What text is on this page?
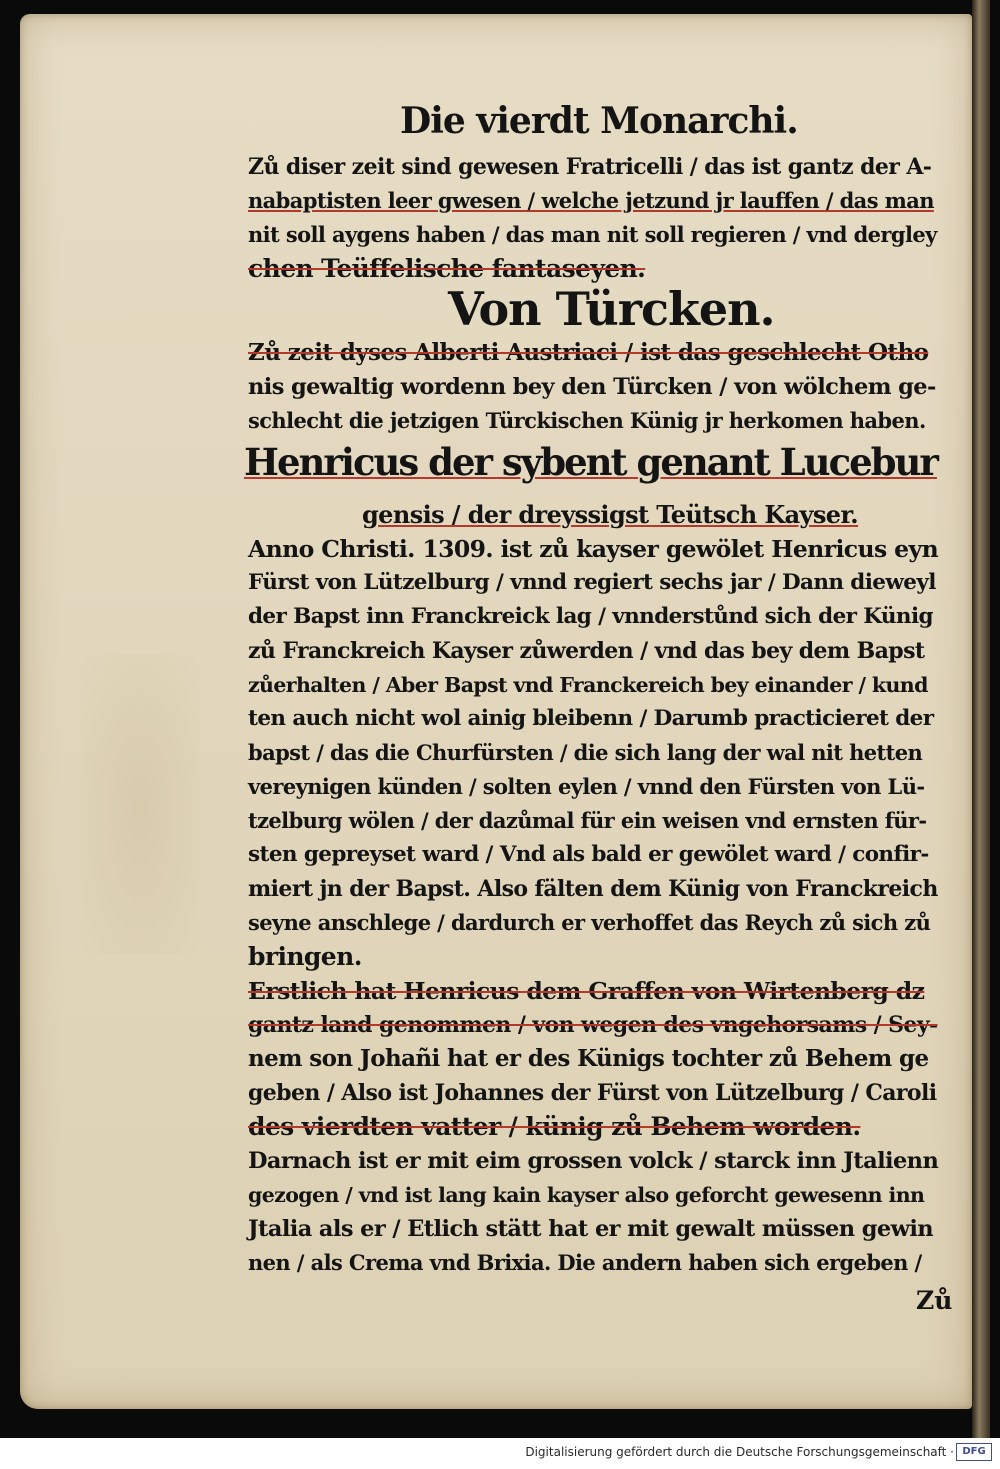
Die vierdt Monarchi.
Zů diser zeit sind gewesen Fratricelli / das ist gantz der A-
nabaptisten leer gwesen / welche jetzund jr lauffen / das man
nit soll aygens haben / das man nit soll regieren / vnd dergley
chen Teüffelische fantaseyen.
Von Türcken.
Zů zeit dyses Alberti Austriaci / ist das geschlecht Otho
nis gewaltig wordenn bey den Türcken / von wölchem ge-
schlecht die jetzigen Türckischen Künig jr herkomen haben.
Henricus der sybent genant Lucebur
gensis / der dreyssigst Teütsch Kayser.
Anno Christi. 1309. ist zů kayser gewölet Henricus eyn
Fürst von Lützelburg / vnnd regiert sechs jar / Dann dieweyl
der Bapst inn Franckreick lag / vnnderstůnd sich der Künig
zů Franckreich Kayser zůwerden / vnd das bey dem Bapst
zůerhalten / Aber Bapst vnd Franckereich bey einander / kund
ten auch nicht wol ainig bleibenn / Darumb practicieret der
bapst / das die Churfürsten / die sich lang der wal nit hetten
vereynigen künden / solten eylen / vnnd den Fürsten von Lü-
tzelburg wölen / der dazůmal für ein weisen vnd ernsten für-
sten gepreyset ward / Vnd als bald er gewölet ward / confir-
miert jn der Bapst. Also fälten dem Künig von Franckreich
seyne anschlege / dardurch er verhoffet das Reych zů sich zů
bringen.
Erstlich hat Henricus dem Graffen von Wirtenberg dz
gantz land genommen / von wegen des vngehorsams / Sey-
nem son Johañi hat er des Künigs tochter zů Behem ge
geben / Also ist Johannes der Fürst von Lützelburg / Caroli
des vierdten vatter / künig zů Behem worden.
Darnach ist er mit eim grossen volck / starck inn Jtalienn
gezogen / vnd ist lang kain kayser also geforcht gewesenn inn
Jtalia als er / Etlich stätt hat er mit gewalt müssen gewin
nen / als Crema vnd Brixia. Die andern haben sich ergeben /
Zů
Digitalisierung gefördert durch die Deutsche Forschungsgemeinschaft · DFG
